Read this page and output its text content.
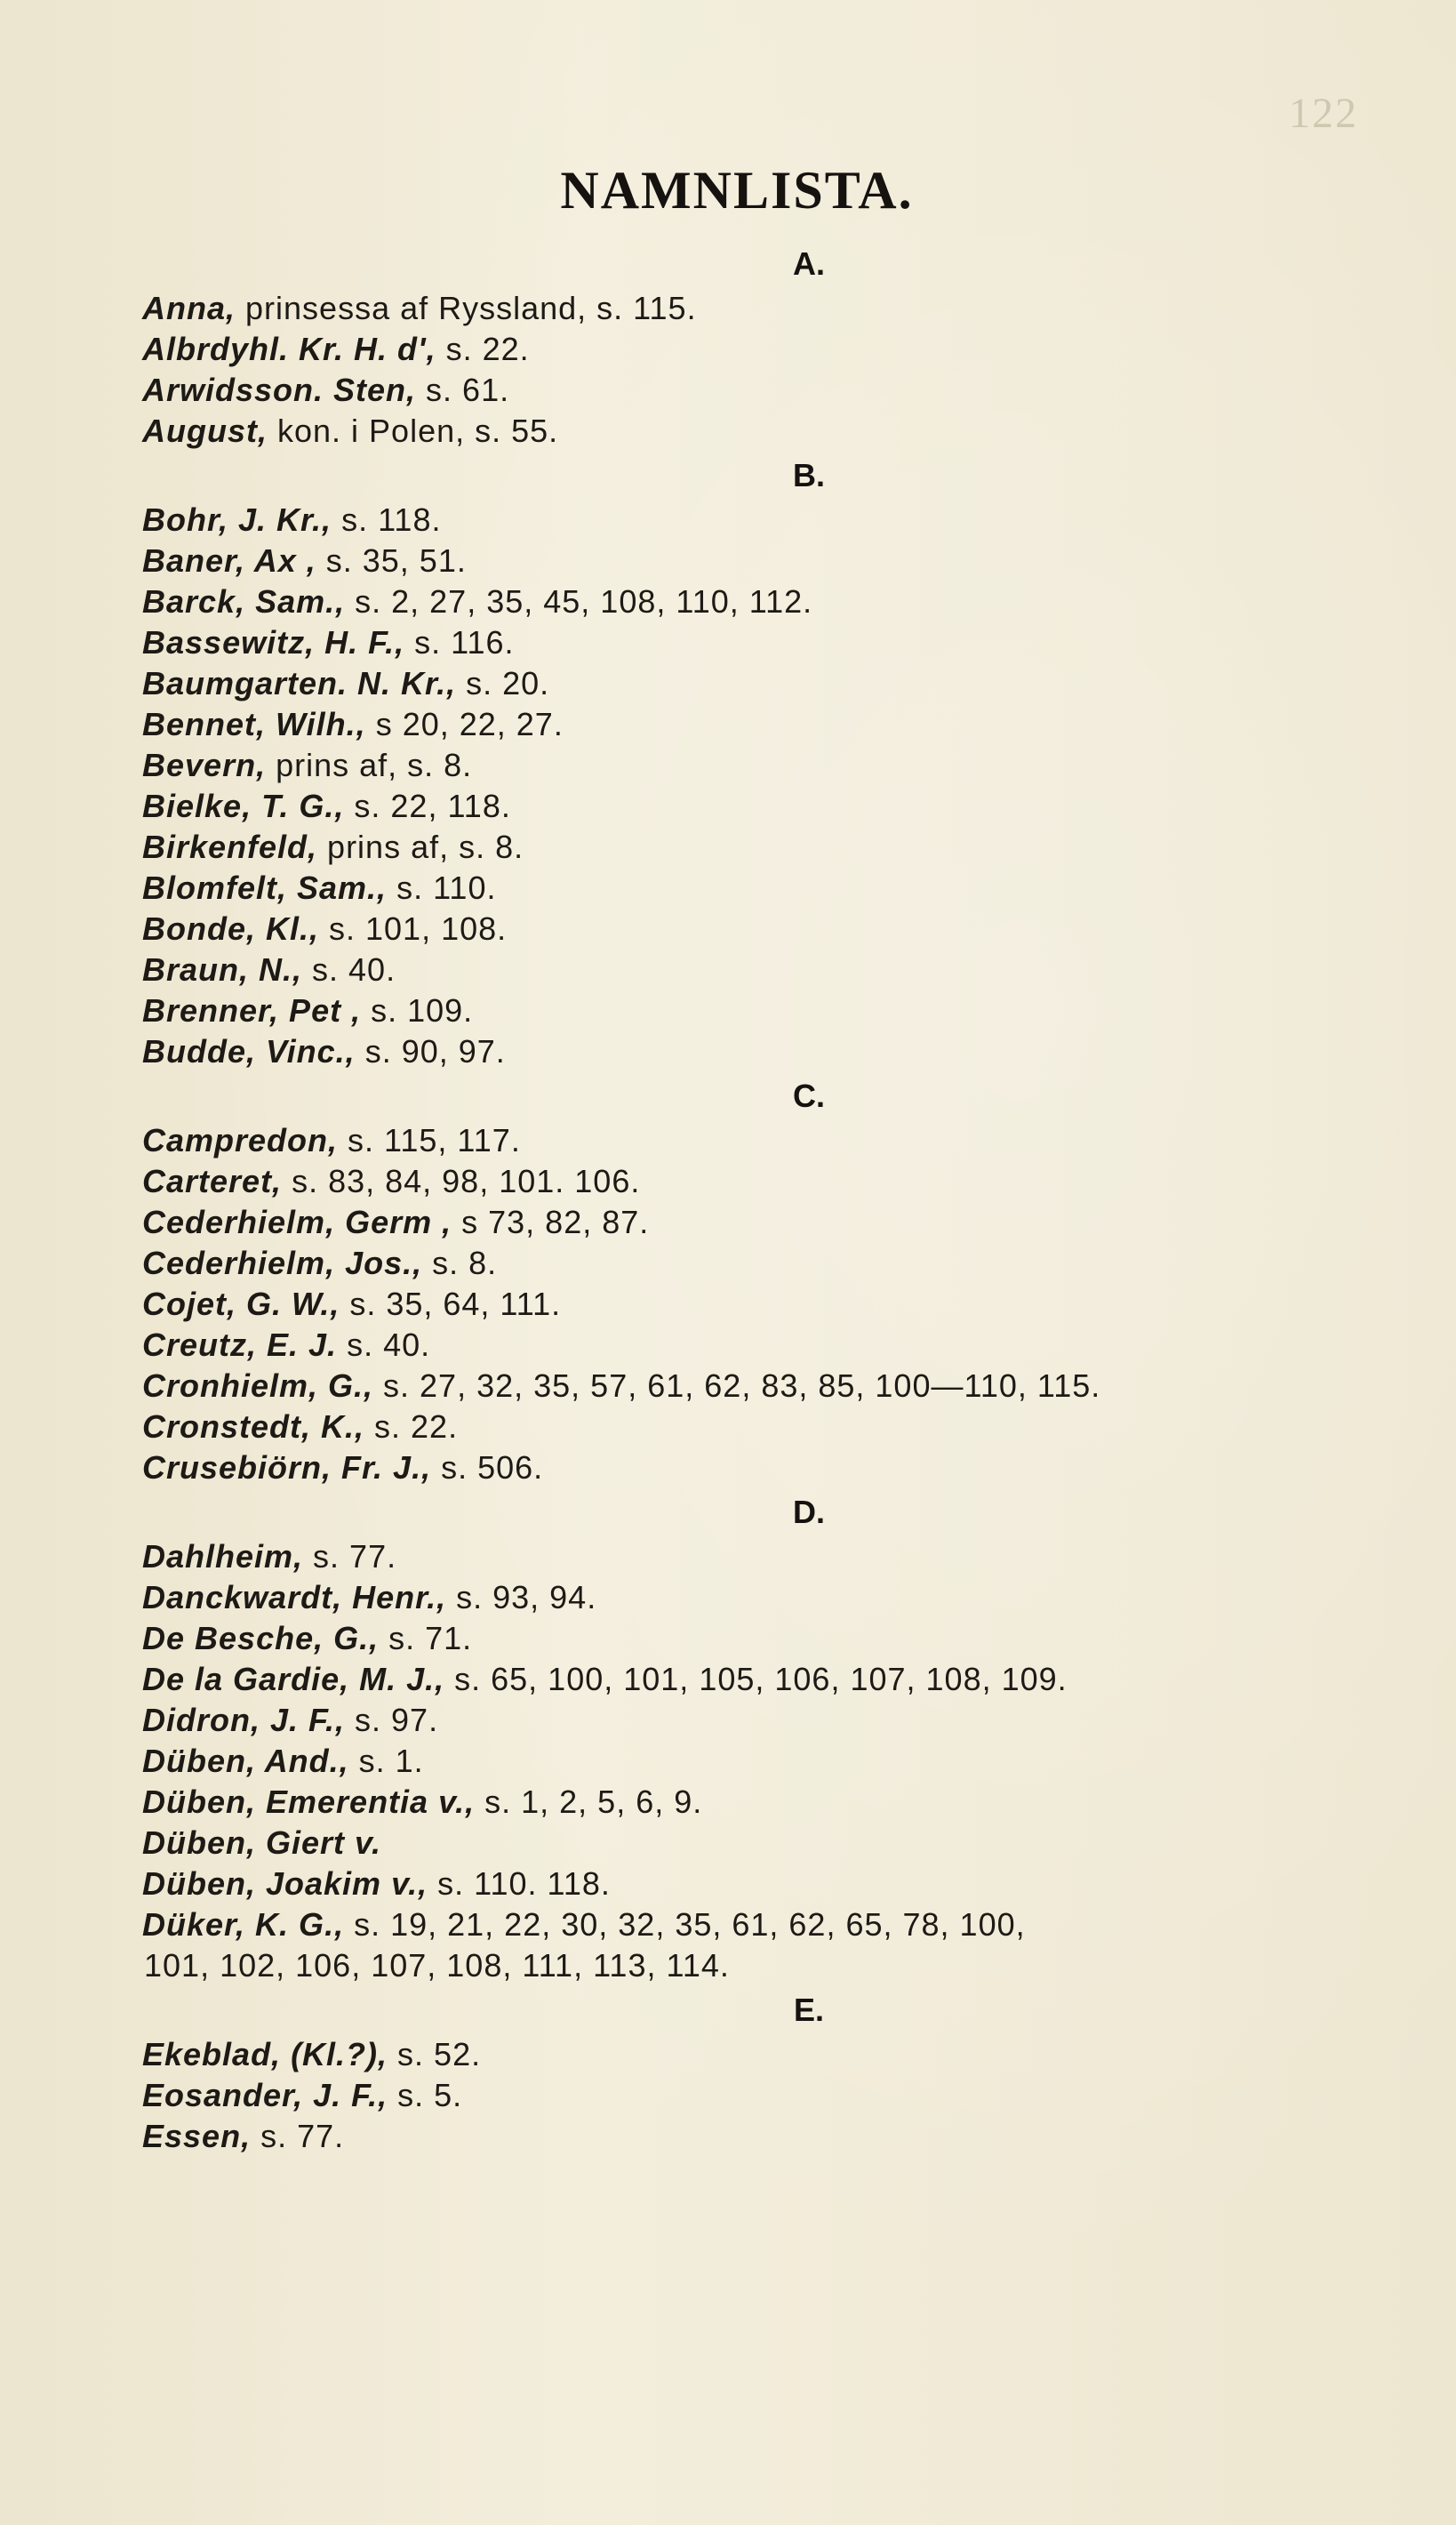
122
NAMNLISTA.
A.
Anna, prinsessa af Ryssland, s. 115.
Albrdyhl. Kr. H. d', s. 22.
Arwidsson. Sten, s. 61.
August, kon. i Polen, s. 55.
B.
Bohr, J. Kr., s. 118.
Baner, Ax , s. 35, 51.
Barck, Sam., s. 2, 27, 35, 45, 108, 110, 112.
Bassewitz, H. F., s. 116.
Baumgarten. N. Kr., s. 20.
Bennet, Wilh., s 20, 22, 27.
Bevern, prins af, s. 8.
Bielke, T. G., s. 22, 118.
Birkenfeld, prins af, s. 8.
Blomfelt, Sam., s. 110.
Bonde, Kl., s. 101, 108.
Braun, N., s. 40.
Brenner, Pet , s. 109.
Budde, Vinc., s. 90, 97.
C.
Campredon, s. 115, 117.
Carteret, s. 83, 84, 98, 101. 106.
Cederhielm, Germ , s 73, 82, 87.
Cederhielm, Jos., s. 8.
Cojet, G. W., s. 35, 64, 111.
Creutz, E. J. s. 40.
Cronhielm, G., s. 27, 32, 35, 57, 61, 62, 83, 85, 100—110, 115.
Cronstedt, K., s. 22.
Crusebiörn, Fr. J., s. 506.
D.
Dahlheim, s. 77.
Danckwardt, Henr., s. 93, 94.
De Besche, G., s. 71.
De la Gardie, M. J., s. 65, 100, 101, 105, 106, 107, 108, 109.
Didron, J. F., s. 97.
Düben, And., s. 1.
Düben, Emerentia v., s. 1, 2, 5, 6, 9.
Düben, Giert v.
Düben, Joakim v., s. 110. 118.
Düker, K. G., s. 19, 21, 22, 30, 32, 35, 61, 62, 65, 78, 100,
101, 102, 106, 107, 108, 111, 113, 114.
E.
Ekeblad, (Kl.?), s. 52.
Eosander, J. F., s. 5.
Essen, s. 77.
